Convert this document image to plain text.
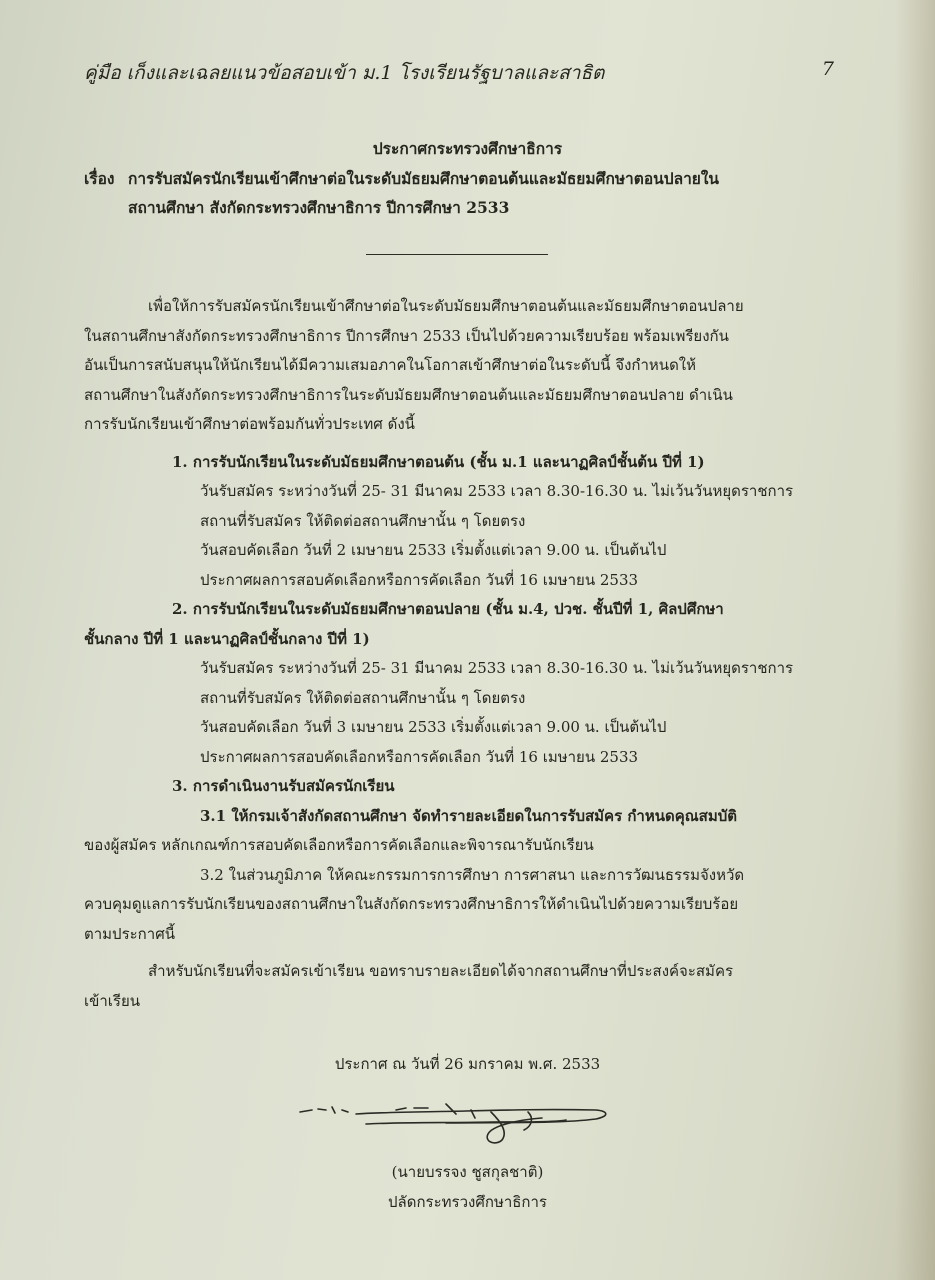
คู่มือ เก็งและเฉลยแนวข้อสอบเข้า ม.1 โรงเรียนรัฐบาลและสาธิต	7
ประกาศกระทรวงศึกษาธิการ
เรื่อง การรับสมัครนักเรียนเข้าศึกษาต่อในระดับมัธยมศึกษาตอนต้นและมัธยมศึกษาตอนปลายใน
สถานศึกษา สังกัดกระทรวงศึกษาธิการ ปีการศึกษา 2533
เพื่อให้การรับสมัครนักเรียนเข้าศึกษาต่อในระดับมัธยมศึกษาตอนต้นและมัธยมศึกษาตอนปลาย
ในสถานศึกษาสังกัดกระทรวงศึกษาธิการ ปีการศึกษา 2533 เป็นไปด้วยความเรียบร้อย พร้อมเพรียงกัน
อันเป็นการสนับสนุนให้นักเรียนได้มีความเสมอภาคในโอกาสเข้าศึกษาต่อในระดับนี้ จึงกำหนดให้
สถานศึกษาในสังกัดกระทรวงศึกษาธิการในระดับมัธยมศึกษาตอนต้นและมัธยมศึกษาตอนปลาย ดำเนิน
การรับนักเรียนเข้าศึกษาต่อพร้อมกันทั่วประเทศ ดังนี้
1. การรับนักเรียนในระดับมัธยมศึกษาตอนต้น (ชั้น ม.1 และนาฏศิลป์ชั้นต้น ปีที่ 1)
วันรับสมัคร ระหว่างวันที่ 25- 31 มีนาคม 2533 เวลา 8.30-16.30 น. ไม่เว้นวันหยุดราชการ
สถานที่รับสมัคร ให้ติดต่อสถานศึกษานั้น ๆ โดยตรง
วันสอบคัดเลือก วันที่ 2 เมษายน 2533 เริ่มตั้งแต่เวลา 9.00 น. เป็นต้นไป
ประกาศผลการสอบคัดเลือกหรือการคัดเลือก วันที่ 16 เมษายน 2533
2. การรับนักเรียนในระดับมัธยมศึกษาตอนปลาย (ชั้น ม.4, ปวช. ชั้นปีที่ 1, ศิลปศึกษา
ชั้นกลาง ปีที่ 1 และนาฏศิลป์ชั้นกลาง ปีที่ 1)
วันรับสมัคร ระหว่างวันที่ 25- 31 มีนาคม 2533 เวลา 8.30-16.30 น. ไม่เว้นวันหยุดราชการ
สถานที่รับสมัคร ให้ติดต่อสถานศึกษานั้น ๆ โดยตรง
วันสอบคัดเลือก วันที่ 3 เมษายน 2533 เริ่มตั้งแต่เวลา 9.00 น. เป็นต้นไป
ประกาศผลการสอบคัดเลือกหรือการคัดเลือก วันที่ 16 เมษายน 2533
3. การดำเนินงานรับสมัครนักเรียน
3.1 ให้กรมเจ้าสังกัดสถานศึกษา จัดทำรายละเอียดในการรับสมัคร กำหนดคุณสมบัติ
ของผู้สมัคร หลักเกณฑ์การสอบคัดเลือกหรือการคัดเลือกและพิจารณารับนักเรียน
3.2 ในส่วนภูมิภาค ให้คณะกรรมการการศึกษา การศาสนา และการวัฒนธรรมจังหวัด
ควบคุมดูแลการรับนักเรียนของสถานศึกษาในสังกัดกระทรวงศึกษาธิการให้ดำเนินไปด้วยความเรียบร้อย
ตามประกาศนี้
สำหรับนักเรียนที่จะสมัครเข้าเรียน ขอทราบรายละเอียดได้จากสถานศึกษาที่ประสงค์จะสมัคร
เข้าเรียน
ประกาศ ณ วันที่ 26 มกราคม พ.ศ. 2533
(นายบรรจง ชูสกุลชาติ)
ปลัดกระทรวงศึกษาธิการ
